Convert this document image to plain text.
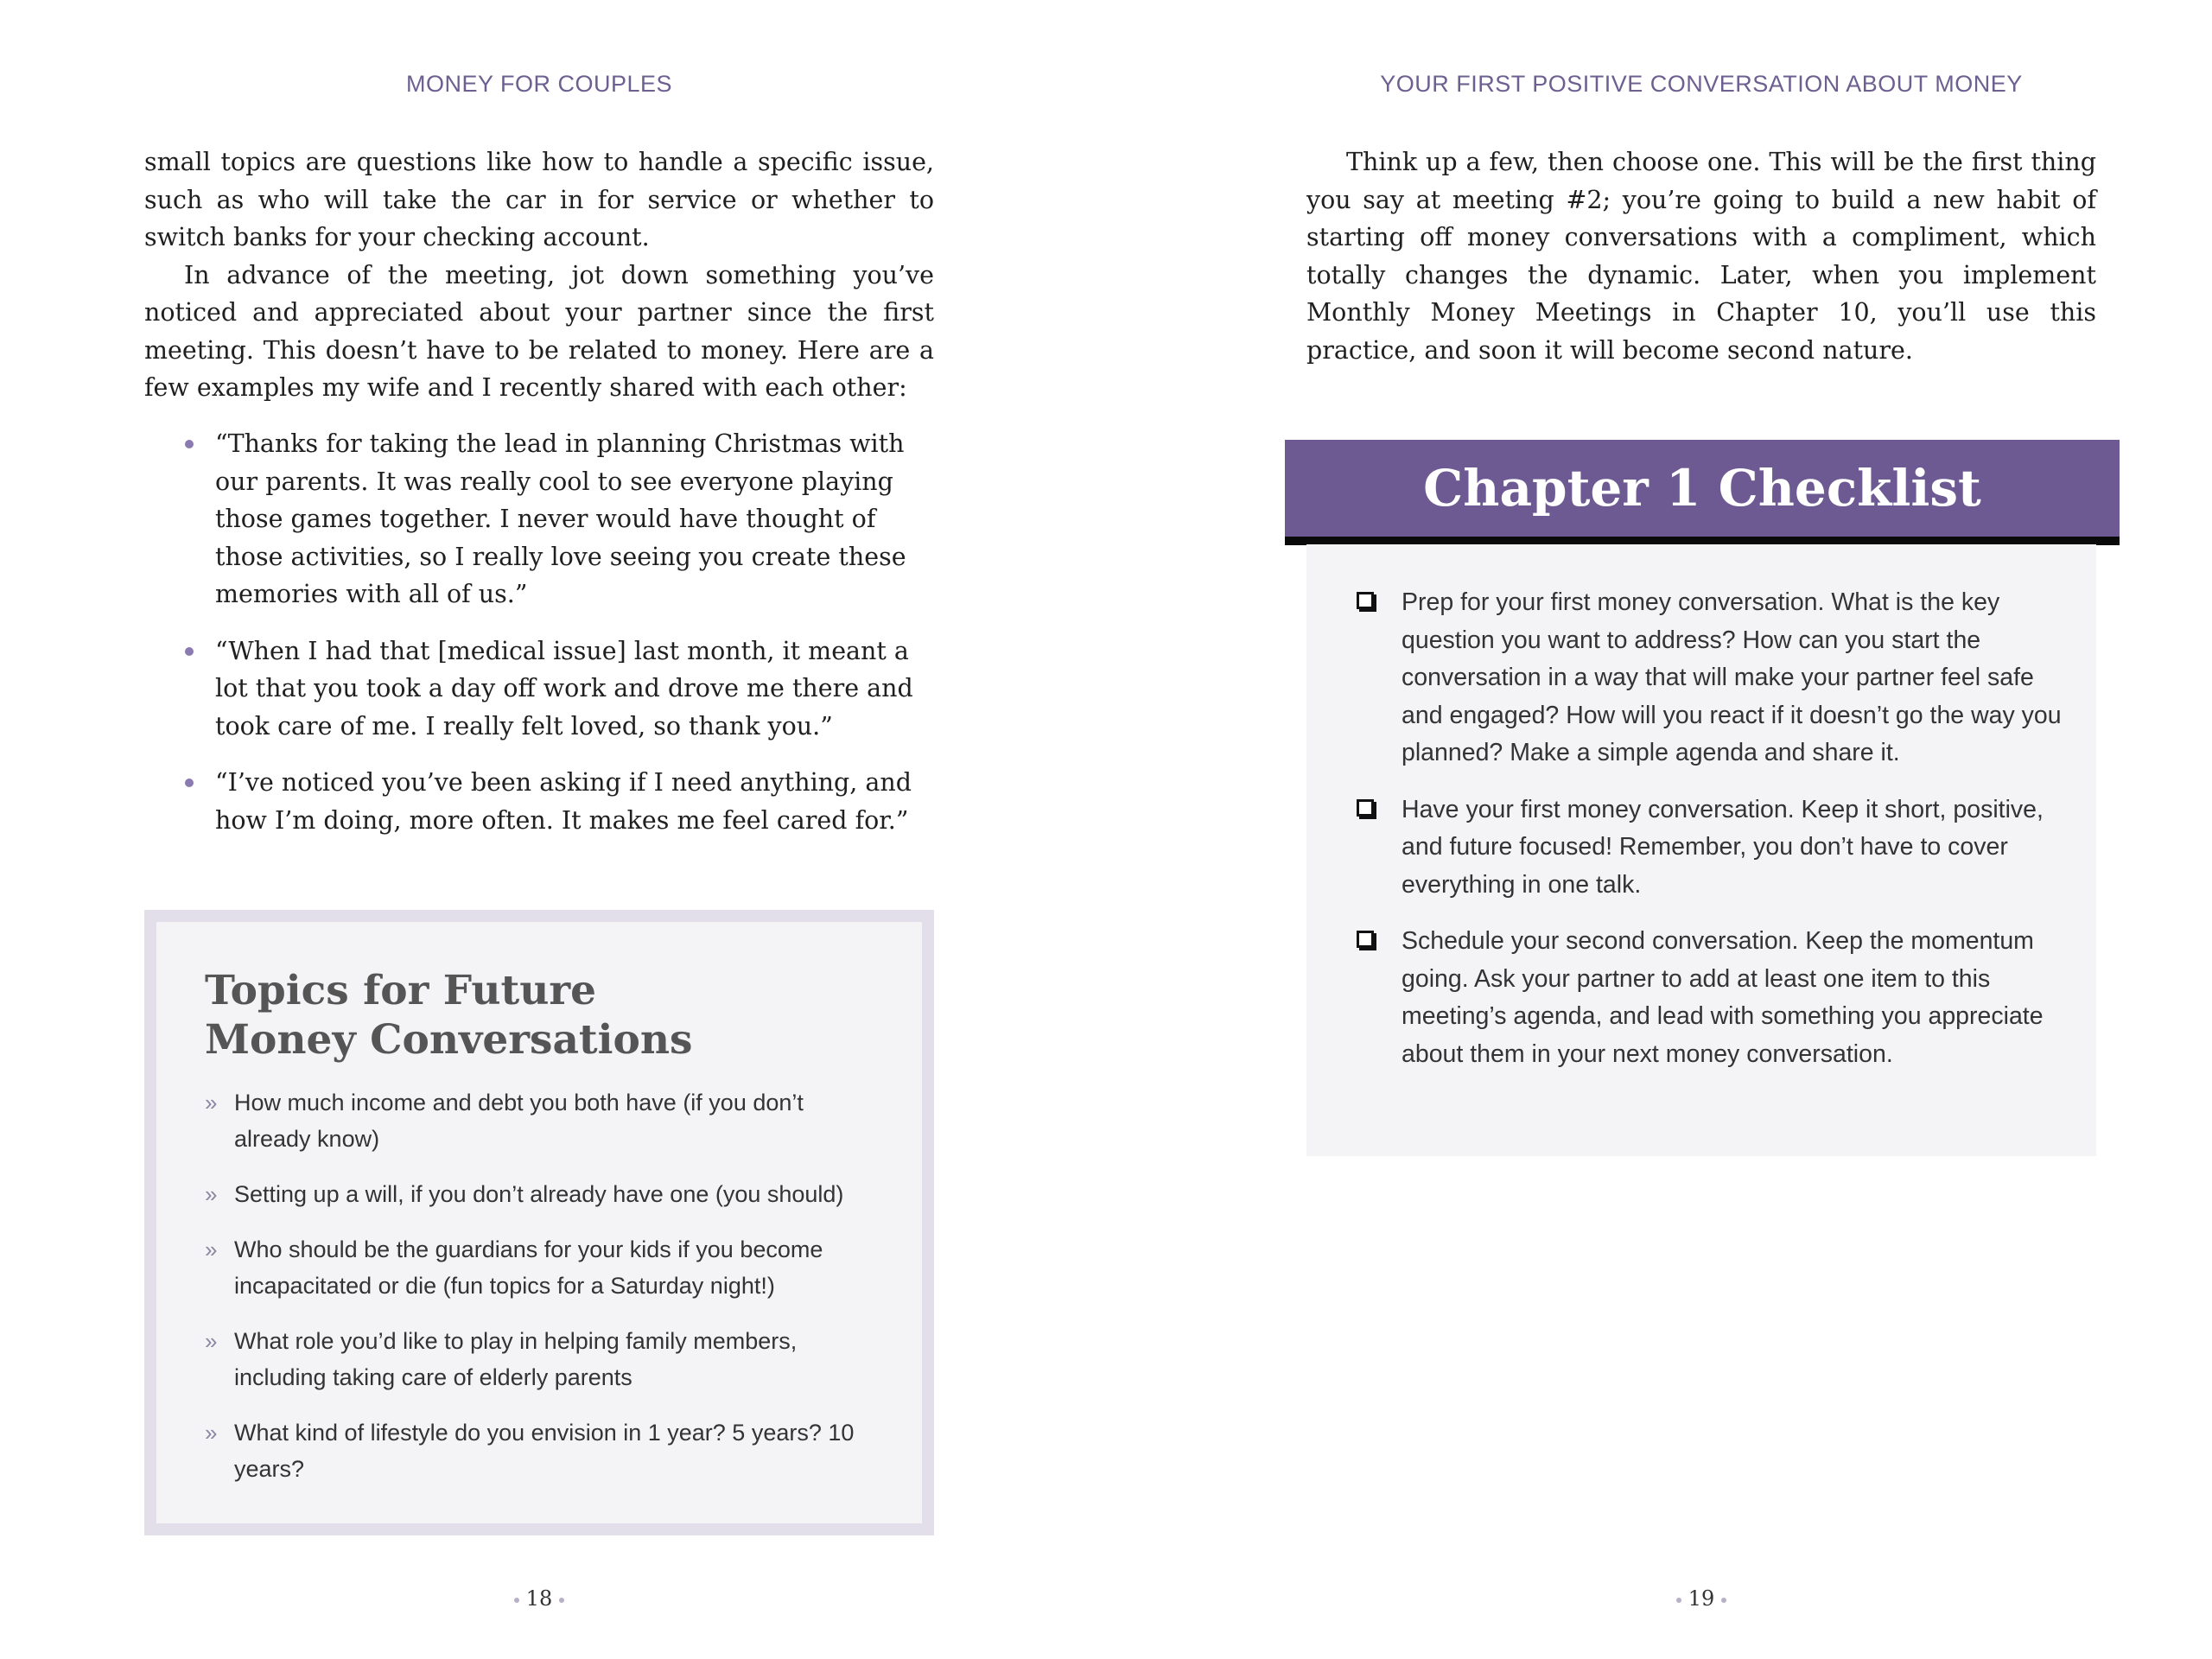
MONEY FOR COUPLES

small topics are questions like how to handle a specific issue, such as who will take the car in for service or whether to switch banks for your checking account.

In advance of the meeting, jot down something you’ve noticed and appreciated about your partner since the first meeting. This doesn’t have to be related to money. Here are a few examples my wife and I recently shared with each other:

“Thanks for taking the lead in planning Christmas with our parents. It was really cool to see everyone playing those games together. I never would have thought of those activities, so I really love seeing you create these memories with all of us.”
“When I had that [medical issue] last month, it meant a lot that you took a day off work and drove me there and took care of me. I really felt loved, so thank you.”
“I’ve noticed you’ve been asking if I need anything, and how I’m doing, more often. It makes me feel cared for.”
Topics for Future
Money Conversations
» How much income and debt you both have (if you don’t already know)
» Setting up a will, if you don’t already have one (you should)
» Who should be the guardians for your kids if you become incapacitated or die (fun topics for a Saturday night!)
» What role you’d like to play in helping family members, including taking care of elderly parents
» What kind of lifestyle do you envision in 1 year? 5 years? 10 years?
18
YOUR FIRST POSITIVE CONVERSATION ABOUT MONEY

Think up a few, then choose one. This will be the first thing you say at meeting #2; you’re going to build a new habit of starting off money conversations with a compliment, which totally changes the dynamic. Later, when you implement Monthly Money Meetings in Chapter 10, you’ll use this practice, and soon it will become second nature.

Chapter 1 Checklist
Prep for your first money conversation. What is the key question you want to address? How can you start the conversation in a way that will make your partner feel safe and engaged? How will you react if it doesn’t go the way you planned? Make a simple agenda and share it.
Have your first money conversation. Keep it short, positive, and future focused! Remember, you don’t have to cover everything in one talk.
Schedule your second conversation. Keep the momentum going. Ask your partner to add at least one item to this meeting’s agenda, and lead with something you appreciate about them in your next money conversation.
19
